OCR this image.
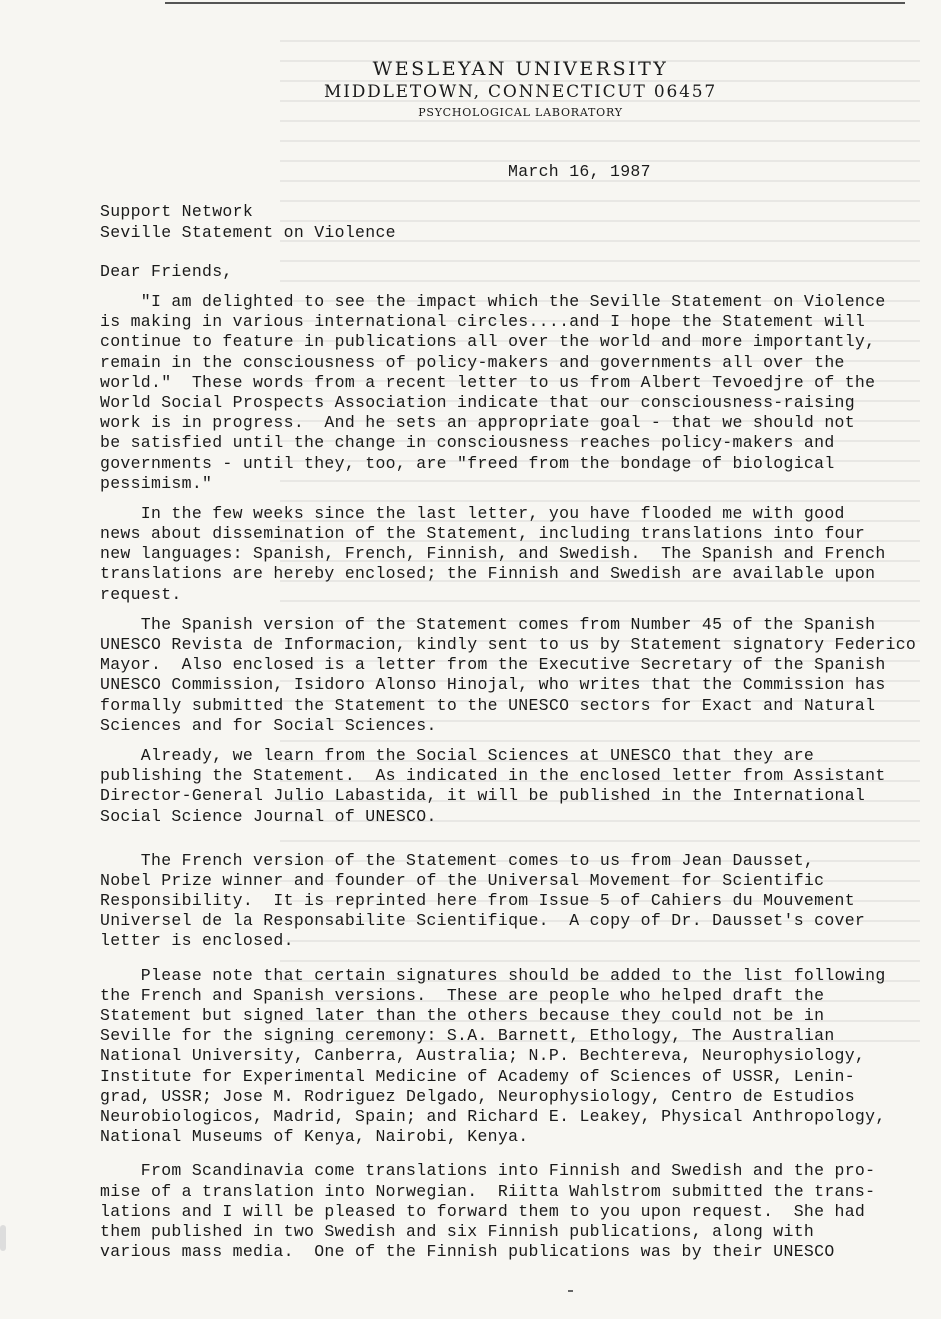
WESLEYAN UNIVERSITY
MIDDLETOWN, CONNECTICUT 06457
PSYCHOLOGICAL LABORATORY
March 16, 1987
Support Network
Seville Statement on Violence
Dear Friends,
"I am delighted to see the impact which the Seville Statement on Violence
is making in various international circles....and I hope the Statement will
continue to feature in publications all over the world and more importantly,
remain in the consciousness of policy-makers and governments all over the
world."  These words from a recent letter to us from Albert Tevoedjre of the
World Social Prospects Association indicate that our consciousness-raising
work is in progress.  And he sets an appropriate goal - that we should not
be satisfied until the change in consciousness reaches policy-makers and
governments - until they, too, are "freed from the bondage of biological
pessimism."
In the few weeks since the last letter, you have flooded me with good
news about dissemination of the Statement, including translations into four
new languages: Spanish, French, Finnish, and Swedish.  The Spanish and French
translations are hereby enclosed; the Finnish and Swedish are available upon
request.
The Spanish version of the Statement comes from Number 45 of the Spanish
UNESCO Revista de Informacion, kindly sent to us by Statement signatory Federico
Mayor.  Also enclosed is a letter from the Executive Secretary of the Spanish
UNESCO Commission, Isidoro Alonso Hinojal, who writes that the Commission has
formally submitted the Statement to the UNESCO sectors for Exact and Natural
Sciences and for Social Sciences.
Already, we learn from the Social Sciences at UNESCO that they are
publishing the Statement.  As indicated in the enclosed letter from Assistant
Director-General Julio Labastida, it will be published in the International
Social Science Journal of UNESCO.
The French version of the Statement comes to us from Jean Dausset,
Nobel Prize winner and founder of the Universal Movement for Scientific
Responsibility.  It is reprinted here from Issue 5 of Cahiers du Mouvement
Universel de la Responsabilite Scientifique.  A copy of Dr. Dausset's cover
letter is enclosed.
Please note that certain signatures should be added to the list following
the French and Spanish versions.  These are people who helped draft the
Statement but signed later than the others because they could not be in
Seville for the signing ceremony: S.A. Barnett, Ethology, The Australian
National University, Canberra, Australia; N.P. Bechtereva, Neurophysiology,
Institute for Experimental Medicine of Academy of Sciences of USSR, Lenin-
grad, USSR; Jose M. Rodriguez Delgado, Neurophysiology, Centro de Estudios
Neurobiologicos, Madrid, Spain; and Richard E. Leakey, Physical Anthropology,
National Museums of Kenya, Nairobi, Kenya.
From Scandinavia come translations into Finnish and Swedish and the pro-
mise of a translation into Norwegian.  Riitta Wahlstrom submitted the trans-
lations and I will be pleased to forward them to you upon request.  She had
them published in two Swedish and six Finnish publications, along with
various mass media.  One of the Finnish publications was by their UNESCO
